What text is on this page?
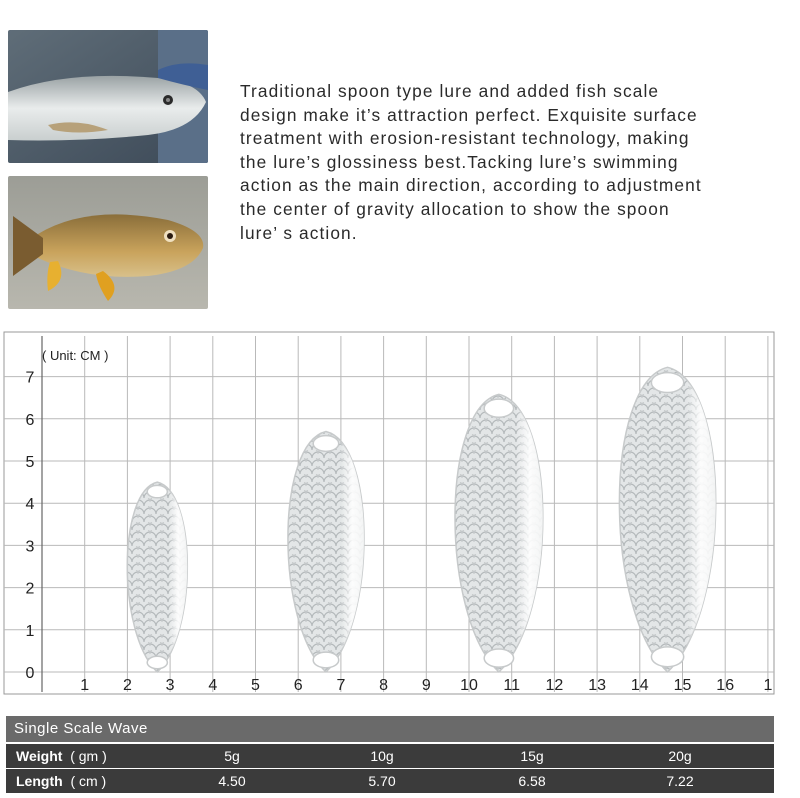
Traditional spoon type lure and added fish scale
design make it’s attraction perfect. Exquisite surface
treatment with erosion-resistant technology, making
the lure’s glossiness best.Tacking lure’s swimming
action as the main direction, according to adjustment
the center of gravity allocation to show the spoon
lure’ s action.
( Unit: CM )
0
1
2
3
4
5
6
7
1 2 3 4 5 6 7 8 9 10 11 12 13 14 15 16 1
Single Scale Wave
Weight ( gm )	5g	10g	15g	20g
Length ( cm )	4.50	5.70	6.58	7.22
